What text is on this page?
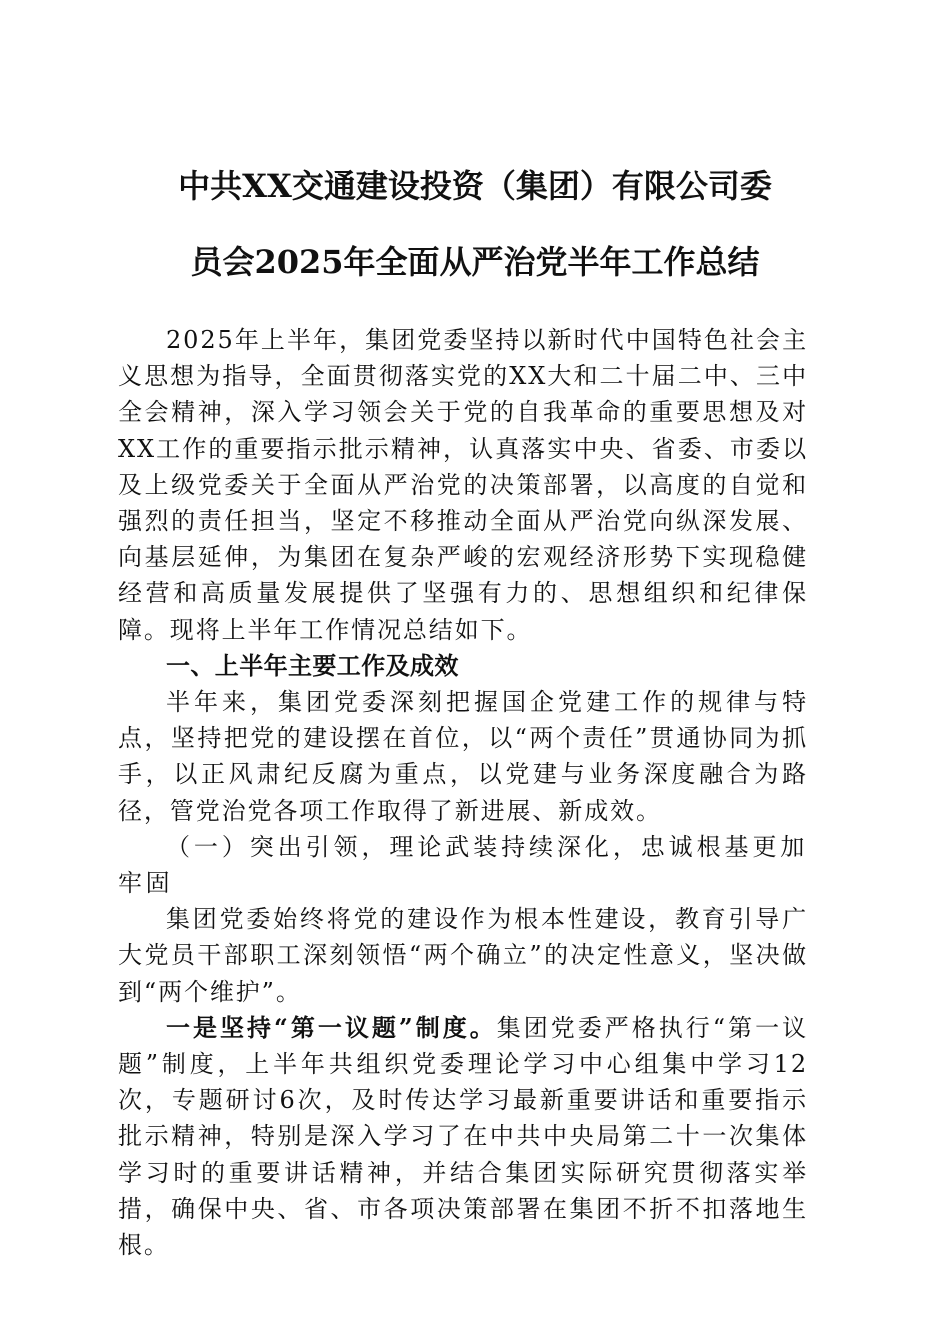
中共XX交通建设投资（集团）有限公司委
员会2025年全面从严治党半年工作总结

2025年上半年，集团党委坚持以新时代中国特色社会主义思想为指导，全面贯彻落实党的XX大和二十届二中、三中全会精神，深入学习领会关于党的自我革命的重要思想及对XX工作的重要指示批示精神，认真落实中央、省委、市委以及上级党委关于全面从严治党的决策部署，以高度的自觉和强烈的责任担当，坚定不移推动全面从严治党向纵深发展、向基层延伸，为集团在复杂严峻的宏观经济形势下实现稳健经营和高质量发展提供了坚强有力的、思想组织和纪律保障。现将上半年工作情况总结如下。

一、上半年主要工作及成效

半年来，集团党委深刻把握国企党建工作的规律与特点，坚持把党的建设摆在首位，以“两个责任”贯通协同为抓手，以正风肃纪反腐为重点，以党建与业务深度融合为路径，管党治党各项工作取得了新进展、新成效。

（一）突出引领，理论武装持续深化，忠诚根基更加牢固

集团党委始终将党的建设作为根本性建设，教育引导广大党员干部职工深刻领悟“两个确立”的决定性意义，坚决做到“两个维护”。

一是坚持“第一议题”制度。集团党委严格执行“第一议题”制度，上半年共组织党委理论学习中心组集中学习12次，专题研讨6次，及时传达学习最新重要讲话和重要指示批示精神，特别是深入学习了在中共中央局第二十一次集体学习时的重要讲话精神，并结合集团实际研究贯彻落实举措，确保中央、省、市各项决策部署在集团不折不扣落地生根。
